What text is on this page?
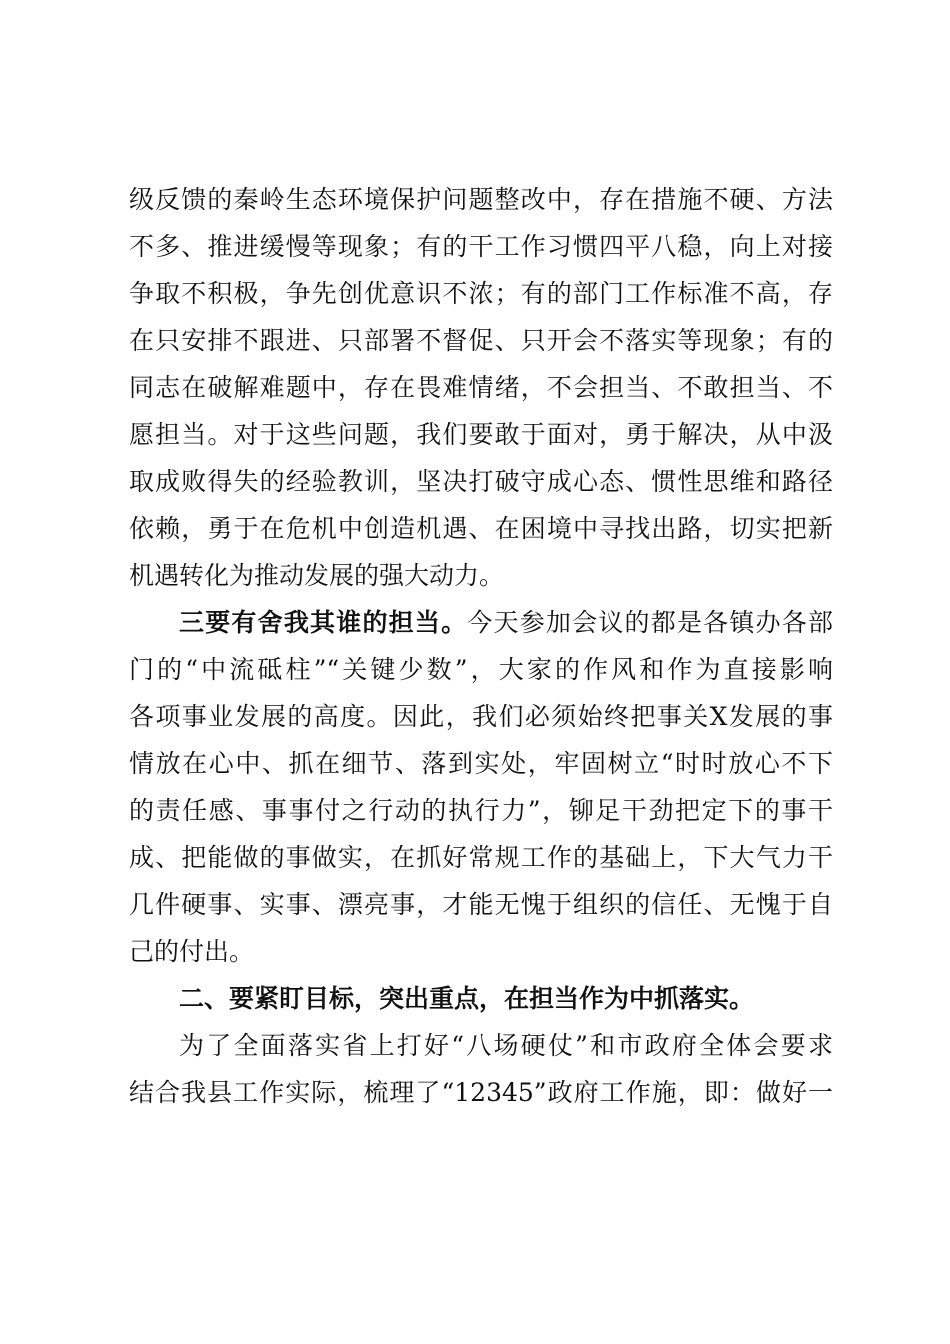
级反馈的秦岭生态环境保护问题整改中，存在措施不硬、方法
不多、推进缓慢等现象；有的干工作习惯四平八稳，向上对接
争取不积极，争先创优意识不浓；有的部门工作标准不高，存
在只安排不跟进、只部署不督促、只开会不落实等现象；有的
同志在破解难题中，存在畏难情绪，不会担当、不敢担当、不
愿担当。对于这些问题，我们要敢于面对，勇于解决，从中汲
取成败得失的经验教训，坚决打破守成心态、惯性思维和路径
依赖，勇于在危机中创造机遇、在困境中寻找出路，切实把新
机遇转化为推动发展的强大动力。
三要有舍我其谁的担当。今天参加会议的都是各镇办各部
门的“中流砥柱”“关键少数”，大家的作风和作为直接影响
各项事业发展的高度。因此，我们必须始终把事关X发展的事
情放在心中、抓在细节、落到实处，牢固树立“时时放心不下
的责任感、事事付之行动的执行力”，铆足干劲把定下的事干
成、把能做的事做实，在抓好常规工作的基础上，下大气力干
几件硬事、实事、漂亮事，才能无愧于组织的信任、无愧于自
己的付出。
二、要紧盯目标，突出重点，在担当作为中抓落实。
为了全面落实省上打好“八场硬仗”和市政府全体会要求
结合我县工作实际，梳理了“12345”政府工作施，即：做好一
